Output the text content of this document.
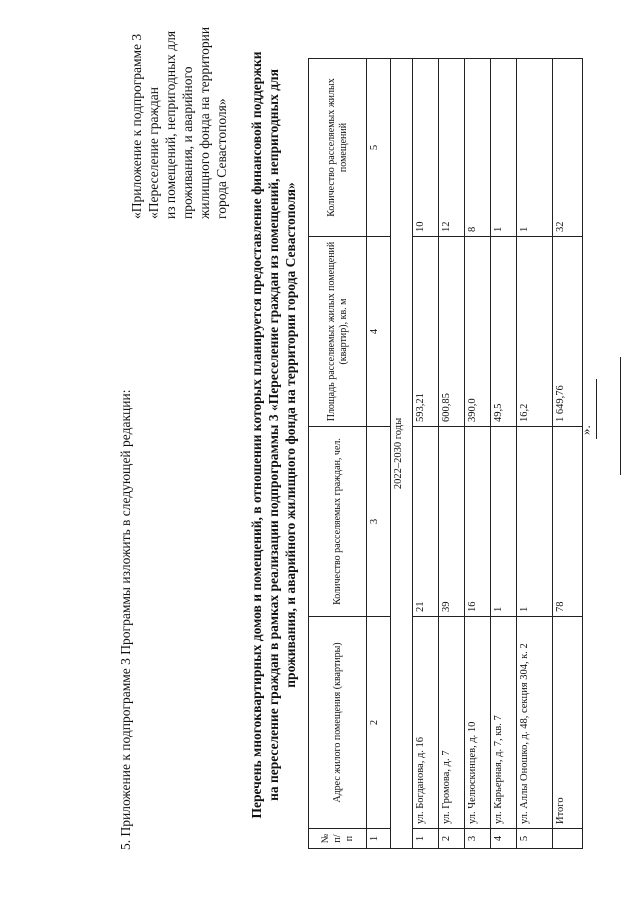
5. Приложение к подпрограмме 3 Программы изложить в следующей редакции:
«Приложение к подпрограмме 3 «Переселение граждан из помещений, непригодных для проживания, и аварийного жилищного фонда на территории города Севастополя» Перечень многоквартирных домов и помещений, в отношении которых планируется предоставление финансовой поддержки на переселение граждан в рамках реализации подпрограммы 3 «Переселение граждан из помещений, непригодных для проживания, и аварийного жилищного фонда на территории города Севастополя»
№ п/п	Адрес жилого помещения (квартиры)	Количество расселяемых граждан, чел.	Площадь расселяемых жилых помещений (квартир), кв. м	Количество расселяемых жилых помещений
1	2	3	4	5
2022–2030 годы				
1	ул. Богданова, д. 16	21	593,21	10
2	ул. Громова, д. 7	39	600,85	12
3	ул. Челюскинцев, д. 10	16	390,0	8
4	ул. Карьерная, д. 7, кв. 7	1	49,5	1
5	ул. Аллы Оношко, д. 48, секция 304, к. 2	1	16,2	1
	Итого	78	1 649,76	32
».
